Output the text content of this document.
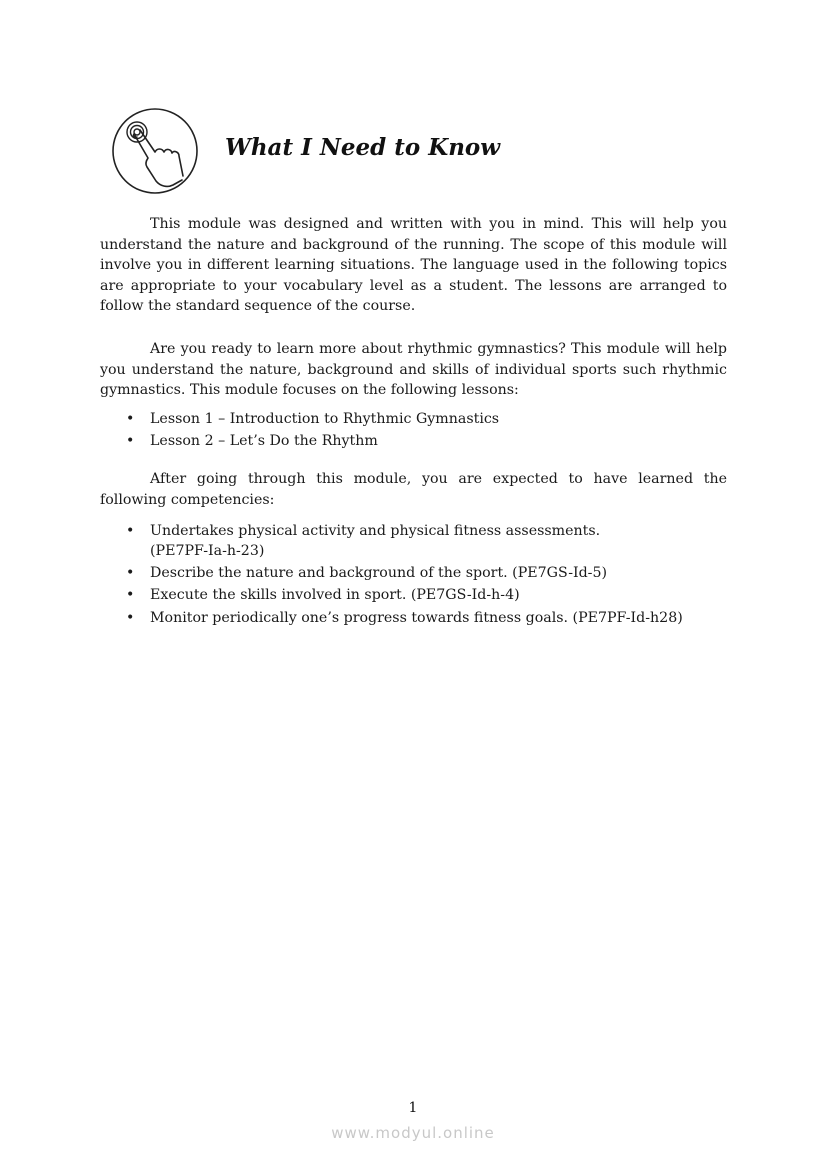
What I Need to Know

This module was designed and written with you in mind. This will help you understand the nature and background of the running. The scope of this module will involve you in different learning situations. The language used in the following topics are appropriate to your vocabulary level as a student. The lessons are arranged to follow the standard sequence of the course.

Are you ready to learn more about rhythmic gymnastics? This module will help you understand the nature, background and skills of individual sports such rhythmic gymnastics. This module focuses on the following lessons:

• Lesson 1 – Introduction to Rhythmic Gymnastics
• Lesson 2 – Let’s Do the Rhythm

After going through this module, you are expected to have learned the following competencies:

• Undertakes physical activity and physical fitness assessments.
(PE7PF-Ia-h-23)
• Describe the nature and background of the sport. (PE7GS-Id-5)
• Execute the skills involved in sport. (PE7GS-Id-h-4)
• Monitor periodically one’s progress towards fitness goals. (PE7PF-Id-h28)
1
www.modyul.online
